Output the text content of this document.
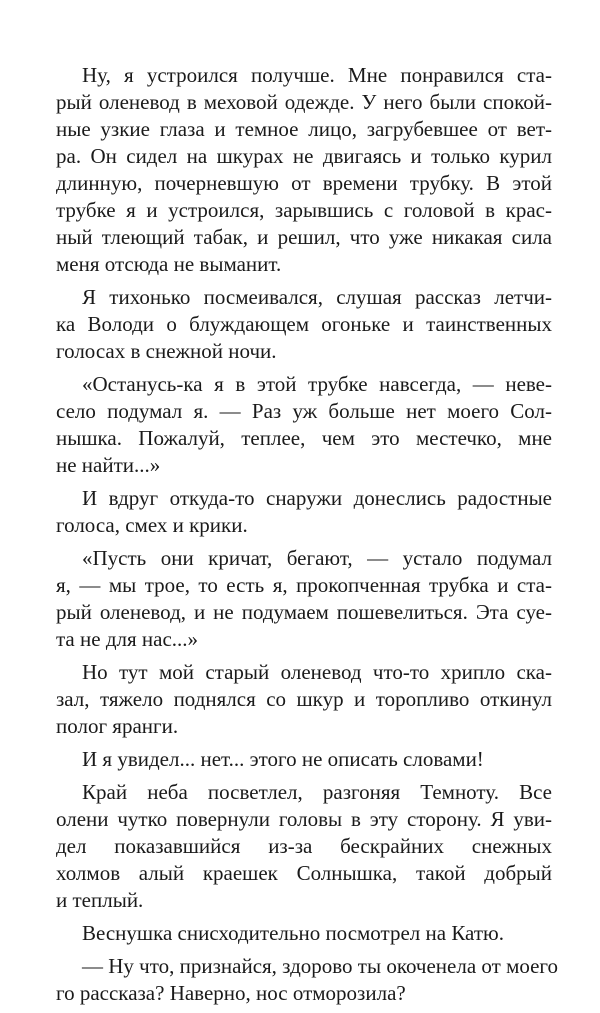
Ну, я устроился получше. Мне понравился ста-
рый оленевод в меховой одежде. У него были спокой-
ные узкие глаза и темное лицо, загрубевшее от вет-
ра. Он сидел на шкурах не двигаясь и только курил
длинную, почерневшую от времени трубку. В этой
трубке я и устроился, зарывшись с головой в крас-
ный тлеющий табак, и решил, что уже никакая сила
меня отсюда не выманит.
Я тихонько посмеивался, слушая рассказ летчи-
ка Володи о блуждающем огоньке и таинственных
голосах в снежной ночи.
«Останусь-ка я в этой трубке навсегда, — неве-
село подумал я. — Раз уж больше нет моего Сол-
нышка. Пожалуй, теплее, чем это местечко, мне
не найти...»
И вдруг откуда-то снаружи донеслись радостные
голоса, смех и крики.
«Пусть они кричат, бегают, — устало подумал
я, — мы трое, то есть я, прокопченная трубка и ста-
рый оленевод, и не подумаем пошевелиться. Эта суе-
та не для нас...»
Но тут мой старый оленевод что-то хрипло ска-
зал, тяжело поднялся со шкур и торопливо откинул
полог яранги.
И я увидел... нет... этого не описать словами!
Край неба посветлел, разгоняя Темноту. Все
олени чутко повернули головы в эту сторону. Я уви-
дел показавшийся из-за бескрайних снежных
холмов алый краешек Солнышка, такой добрый
и теплый.
Веснушка снисходительно посмотрел на Катю.
— Ну что, признайся, здорово ты окоченела от моего
го рассказа? Наверно, нос отморозила?
